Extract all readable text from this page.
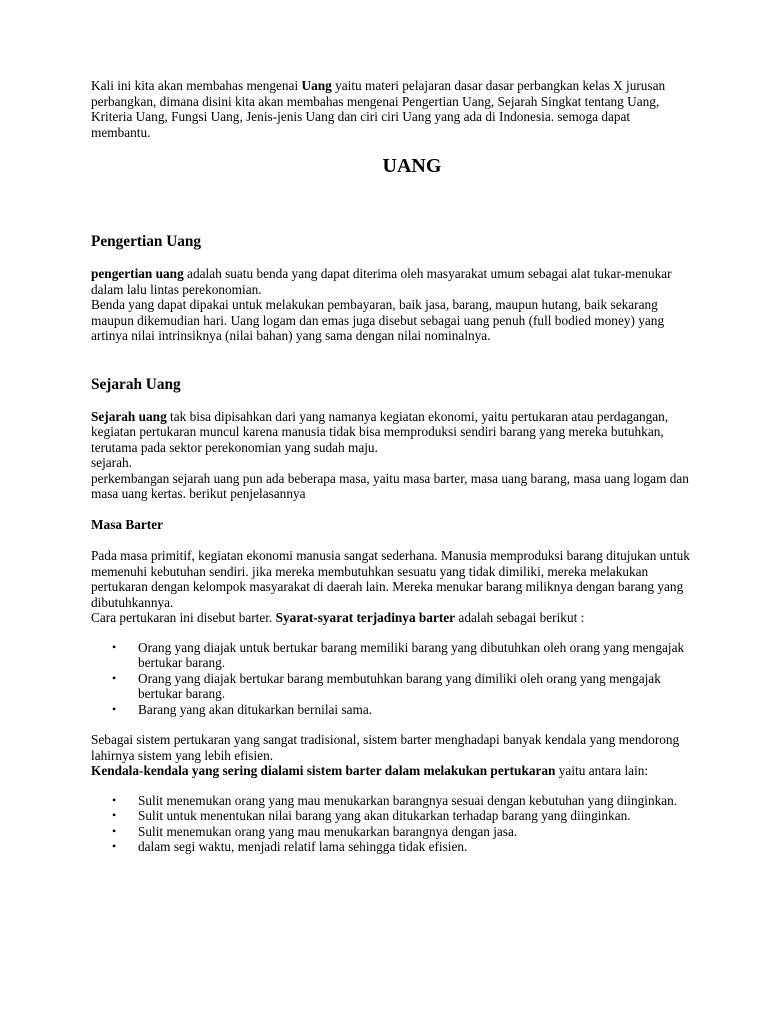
Kali ini kita akan membahas mengenai Uang yaitu materi pelajaran dasar dasar perbangkan kelas X jurusan perbangkan, dimana disini kita akan membahas mengenai Pengertian Uang, Sejarah Singkat tentang Uang, Kriteria Uang, Fungsi Uang, Jenis-jenis Uang dan ciri ciri Uang yang ada di Indonesia. semoga dapat membantu.

UANG
Pengertian Uang

pengertian uang adalah suatu benda yang dapat diterima oleh masyarakat umum sebagai alat tukar-menukar dalam lalu lintas perekonomian.

Benda yang dapat dipakai untuk melakukan pembayaran, baik jasa, barang, maupun hutang, baik sekarang maupun dikemudian hari. Uang logam dan emas juga disebut sebagai uang penuh (full bodied money) yang artinya nilai intrinsiknya (nilai bahan) yang sama dengan nilai nominalnya.

Sejarah Uang

Sejarah uang tak bisa dipisahkan dari yang namanya kegiatan ekonomi, yaitu pertukaran atau perdagangan, kegiatan pertukaran muncul karena manusia tidak bisa memproduksi sendiri barang yang mereka butuhkan, terutama pada sektor perekonomian yang sudah maju.

sejarah.

perkembangan sejarah uang pun ada beberapa masa, yaitu masa barter, masa uang barang, masa uang logam dan masa uang kertas. berikut penjelasannya

Masa Barter

Pada masa primitif, kegiatan ekonomi manusia sangat sederhana. Manusia memproduksi barang ditujukan untuk memenuhi kebutuhan sendiri. jika mereka membutuhkan sesuatu yang tidak dimiliki, mereka melakukan pertukaran dengan kelompok masyarakat di daerah lain. Mereka menukar barang miliknya dengan barang yang dibutuhkannya.

Cara pertukaran ini disebut barter. Syarat-syarat terjadinya barter adalah sebagai berikut :

• Orang yang diajak untuk bertukar barang memiliki barang yang dibutuhkan oleh orang yang mengajak bertukar barang.
• Orang yang diajak bertukar barang membutuhkan barang yang dimiliki oleh orang yang mengajak bertukar barang.
• Barang yang akan ditukarkan bernilai sama.

Sebagai sistem pertukaran yang sangat tradisional, sistem barter menghadapi banyak kendala yang mendorong lahirnya sistem yang lebih efisien.

Kendala-kendala yang sering dialami sistem barter dalam melakukan pertukaran yaitu antara lain:

• Sulit menemukan orang yang mau menukarkan barangnya sesuai dengan kebutuhan yang diinginkan.
• Sulit untuk menentukan nilai barang yang akan ditukarkan terhadap barang yang diinginkan.
• Sulit menemukan orang yang mau menukarkan barangnya dengan jasa.
• dalam segi waktu, menjadi relatif lama sehingga tidak efisien.
